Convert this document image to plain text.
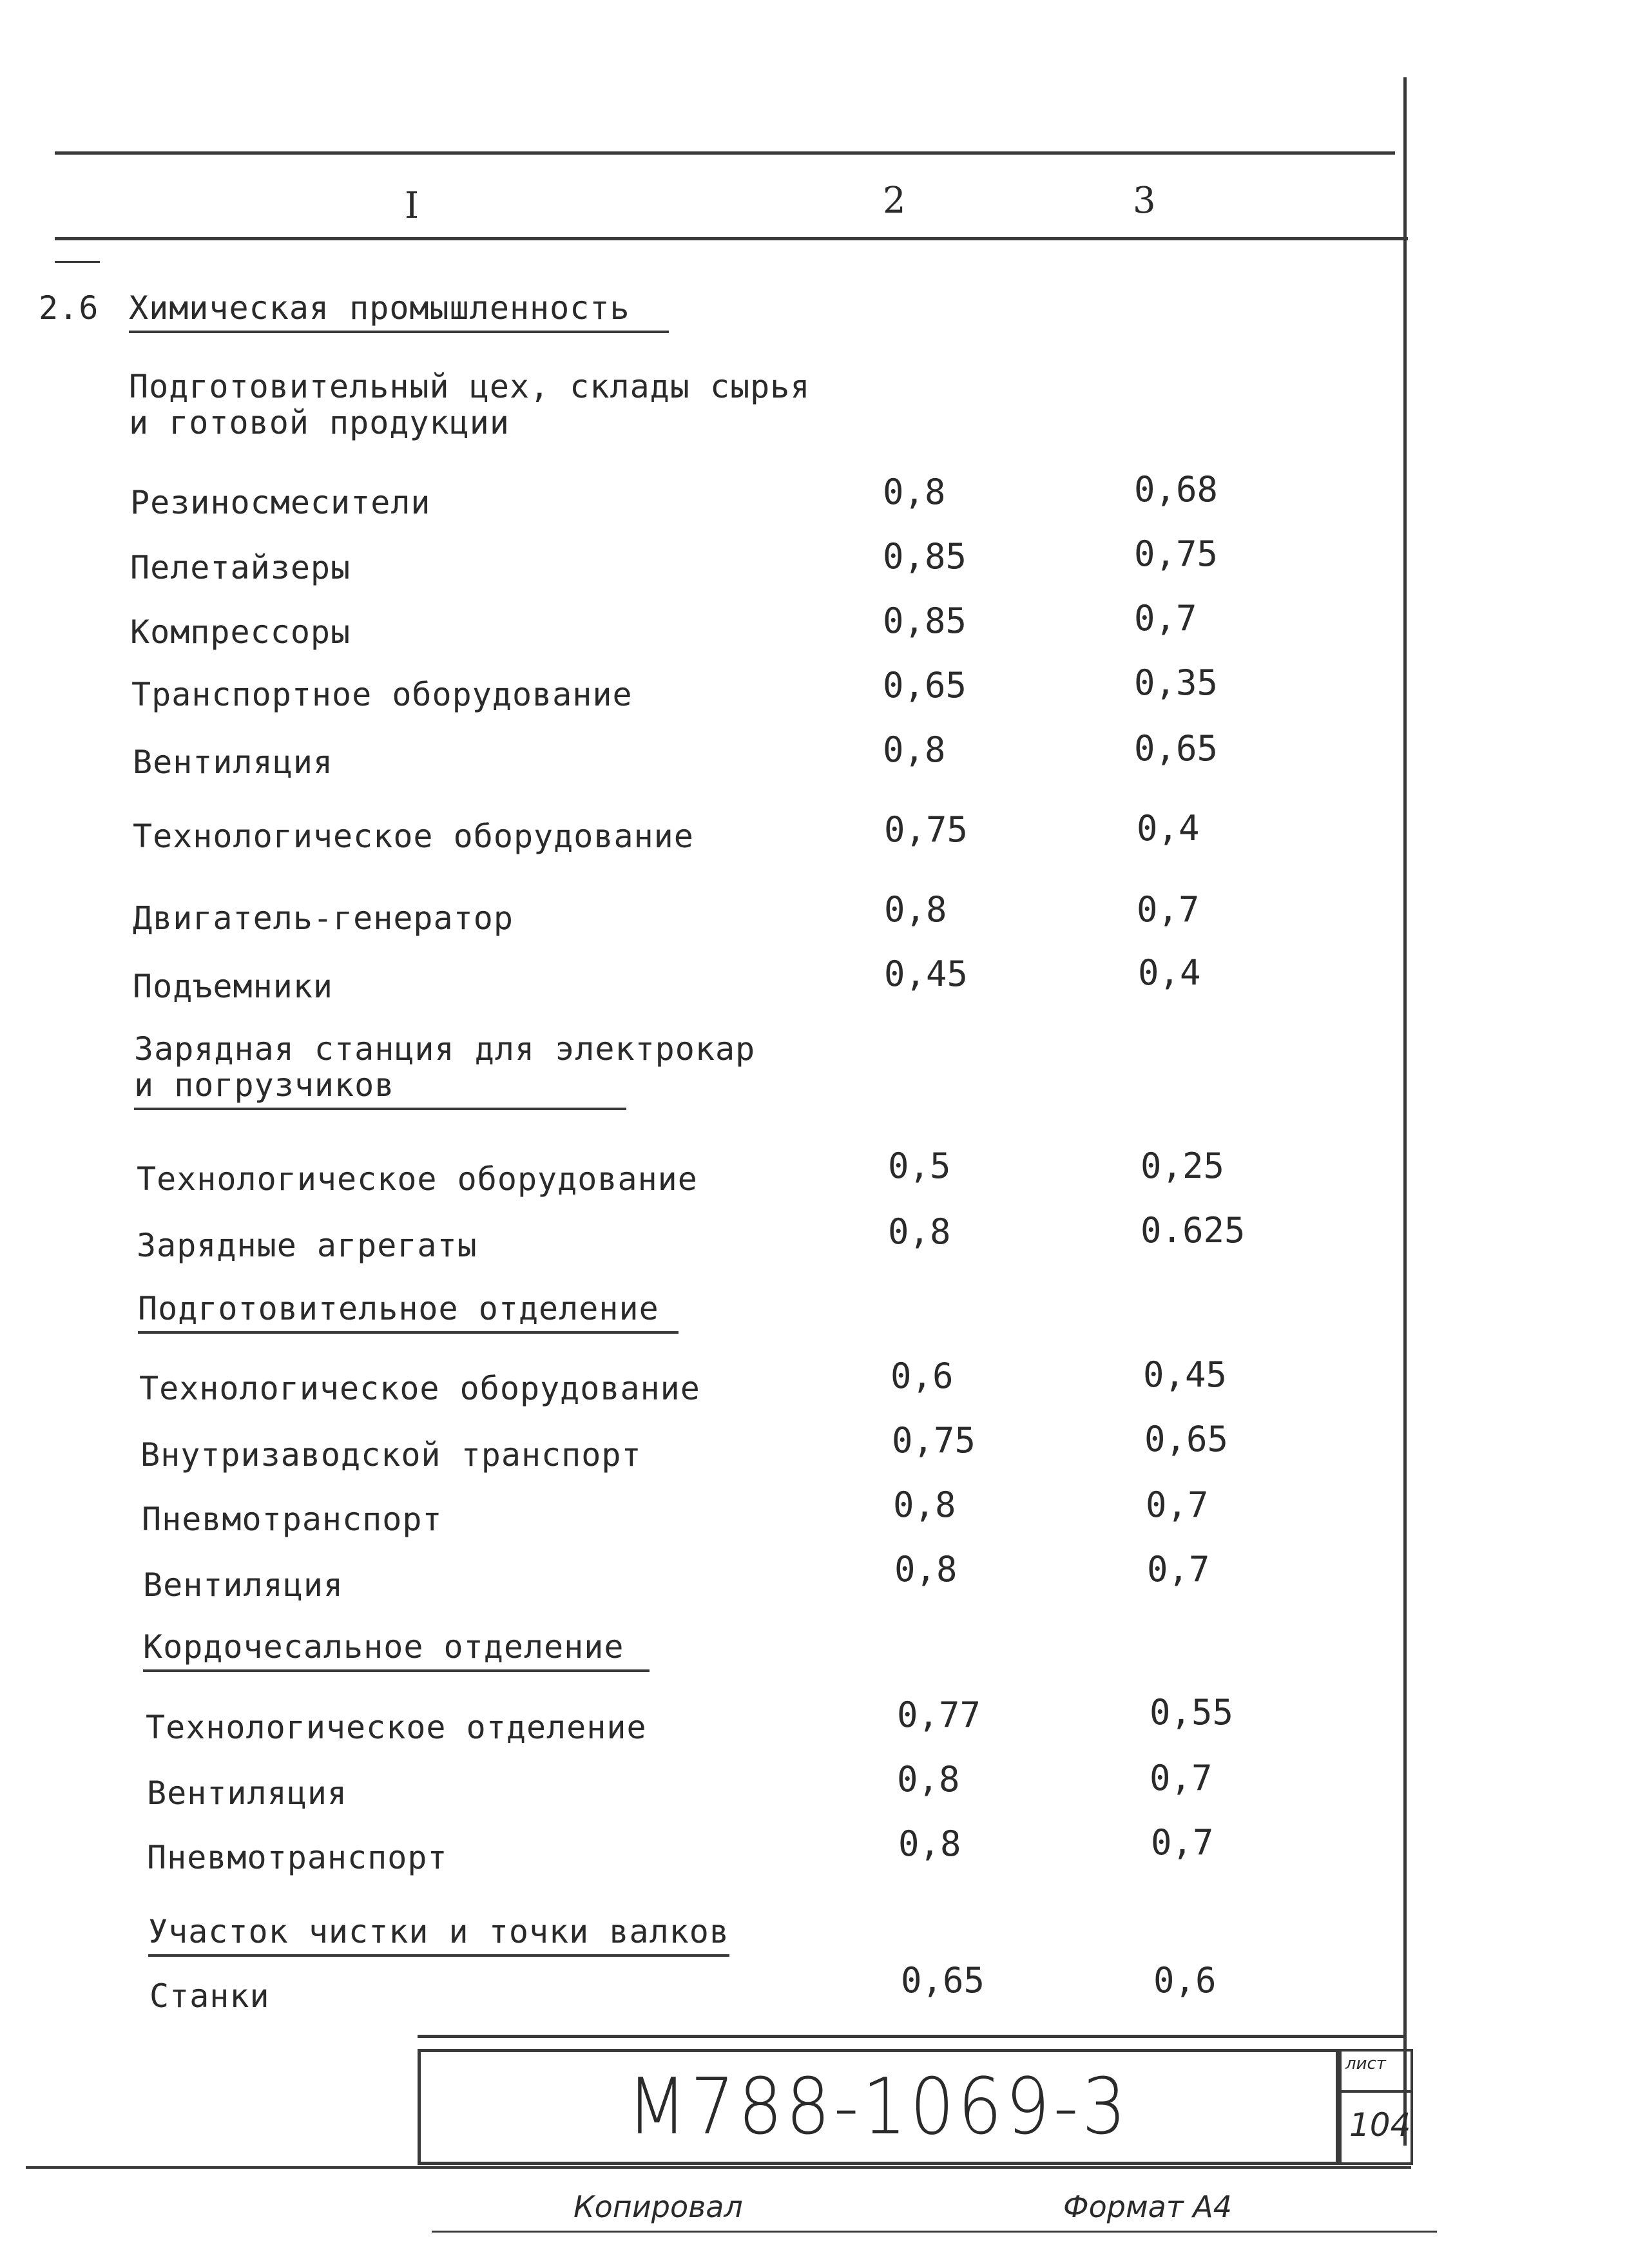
I	2	3
2.6 Химическая промышленность
Подготовительный цех, склады сырья
и готовой продукции
Резиносмесители	0,8	0,68
Пелетайзеры	0,85	0,75
Компрессоры	0,85	0,7
Транспортное оборудование	0,65	0,35
Вентиляция	0,8	0,65
Технологическое оборудование	0,75	0,4
Двигатель-генератор	0,8	0,7
Подъемники	0,45	0,4
Зарядная станция для электрокар
и погрузчиков
Технологическое оборудование	0,5	0,25
Зарядные агрегаты	0,8	0.625
Подготовительное отделение
Технологическое оборудование	0,6	0,45
Внутризаводской транспорт	0,75	0,65
Пневмотранспорт	0,8	0,7
Вентиляция	0,8	0,7
Кордочесальное отделение
Технологическое отделение	0,77	0,55
Вентиляция	0,8	0,7
Пневмотранспорт	0,8	0,7
Участок чистки и точки валков
Станки	0,65	0,6
М788-1069-3	лист
104
Копировал	Формат А4
